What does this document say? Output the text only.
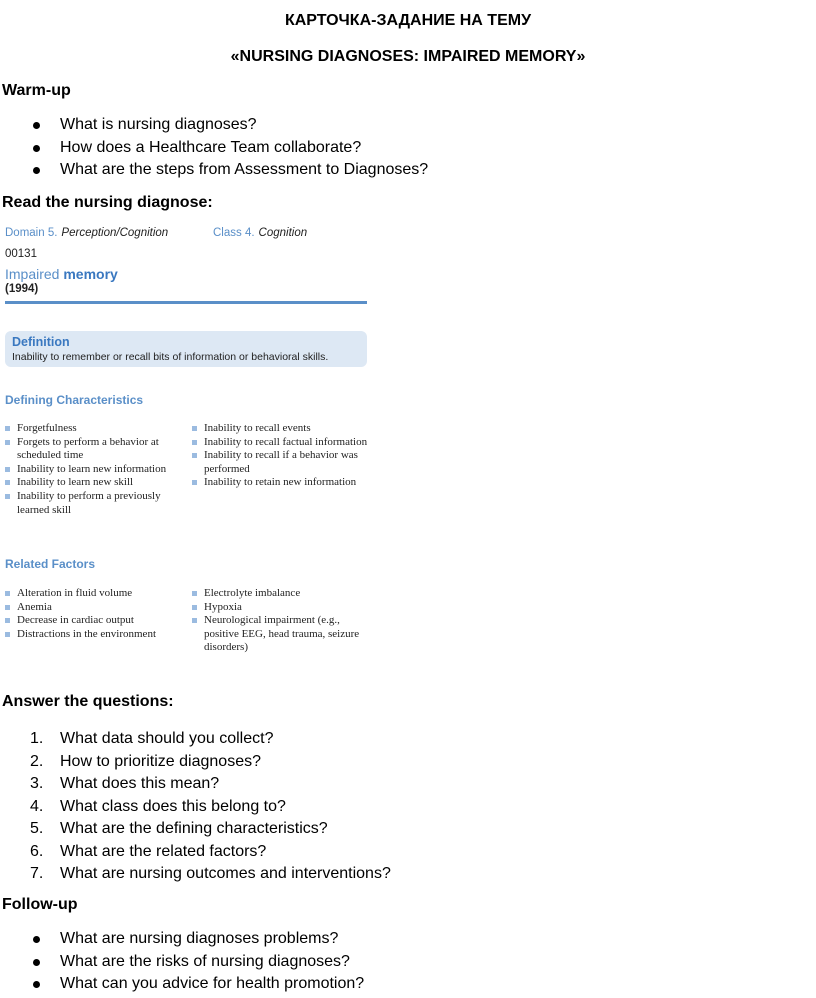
КАРТОЧКА-ЗАДАНИЕ НА ТЕМУ
«NURSING DIAGNOSES: IMPAIRED MEMORY»
Warm-up
What is nursing diagnoses?
How does a Healthcare Team collaborate?
What are the steps from Assessment to Diagnoses?
Read the nursing diagnose:
Domain 5. Perception/Cognition	Class 4. Cognition
00131
Impaired memory
(1994)
Definition
Inability to remember or recall bits of information or behavioral skills.
Defining Characteristics
Forgetfulness
Forgets to perform a behavior at scheduled time
Inability to learn new information
Inability to learn new skill
Inability to perform a previously learned skill
Inability to recall events
Inability to recall factual information
Inability to recall if a behavior was performed
Inability to retain new information
Related Factors
Alteration in fluid volume
Anemia
Decrease in cardiac output
Distractions in the environment
Electrolyte imbalance
Hypoxia
Neurological impairment (e.g., positive EEG, head trauma, seizure disorders)
Answer the questions:
1. What data should you collect?
2. How to prioritize diagnoses?
3. What does this mean?
4. What class does this belong to?
5. What are the defining characteristics?
6. What are the related factors?
7. What are nursing outcomes and interventions?
Follow-up
What are nursing diagnoses problems?
What are the risks of nursing diagnoses?
What can you advice for health promotion?
